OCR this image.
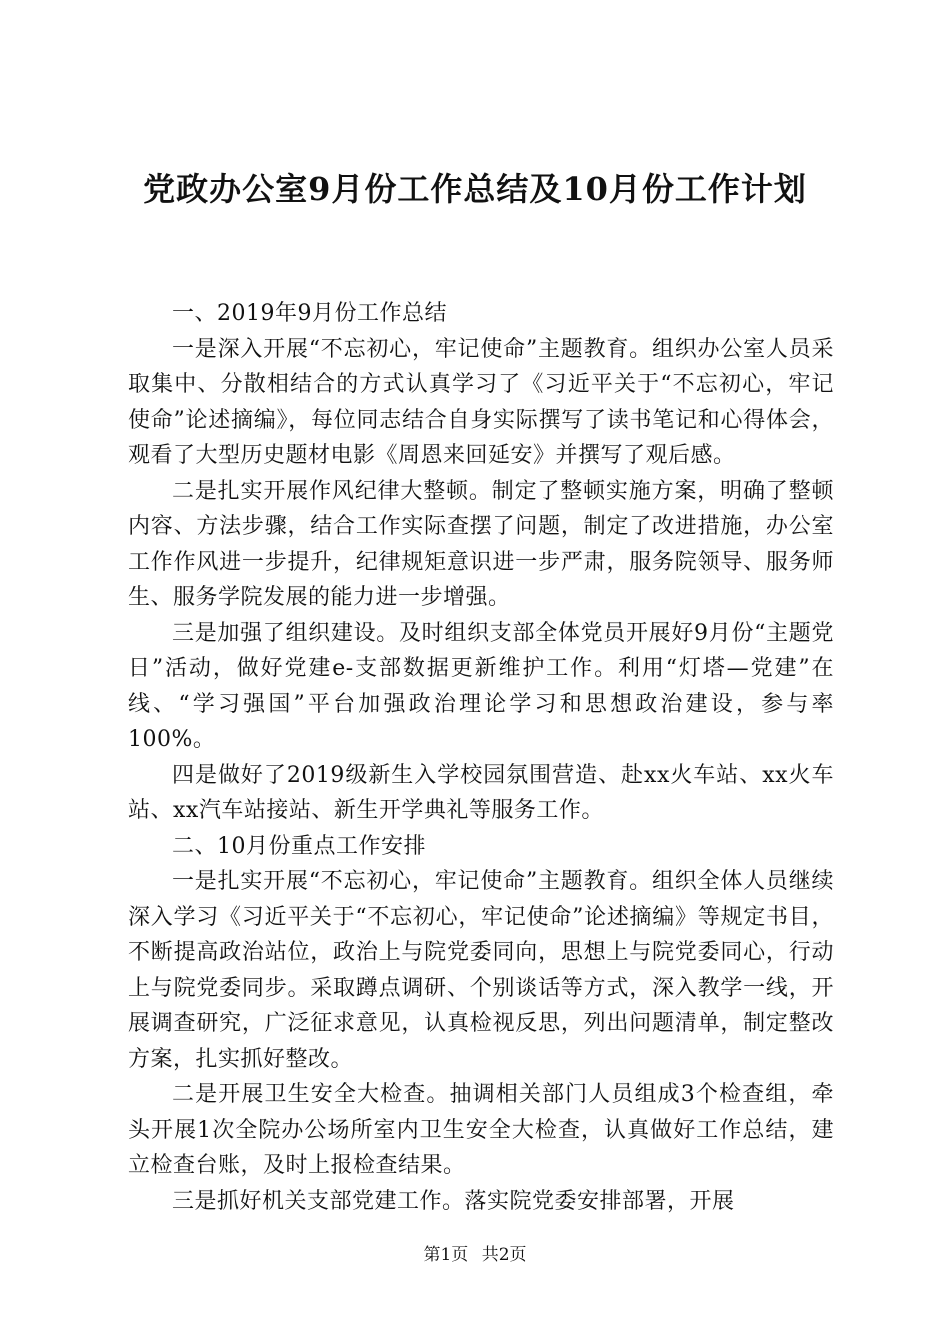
党政办公室9月份工作总结及10月份工作计划

一、2019年9月份工作总结

一是深入开展“不忘初心，牢记使命”主题教育。组织办公室人员采取集中、分散相结合的方式认真学习了《习近平关于“不忘初心，牢记使命”论述摘编》，每位同志结合自身实际撰写了读书笔记和心得体会，观看了大型历史题材电影《周恩来回延安》并撰写了观后感。

二是扎实开展作风纪律大整顿。制定了整顿实施方案，明确了整顿内容、方法步骤，结合工作实际查摆了问题，制定了改进措施，办公室工作作风进一步提升，纪律规矩意识进一步严肃，服务院领导、服务师生、服务学院发展的能力进一步增强。

三是加强了组织建设。及时组织支部全体党员开展好9月份“主题党日”活动，做好党建e-支部数据更新维护工作。利用“灯塔—党建”在线、“学习强国”平台加强政治理论学习和思想政治建设，参与率100%。

四是做好了2019级新生入学校园氛围营造、赴xx火车站、xx火车站、xx汽车站接站、新生开学典礼等服务工作。

二、10月份重点工作安排

一是扎实开展“不忘初心，牢记使命”主题教育。组织全体人员继续深入学习《习近平关于“不忘初心，牢记使命”论述摘编》等规定书目，不断提高政治站位，政治上与院党委同向，思想上与院党委同心，行动上与院党委同步。采取蹲点调研、个别谈话等方式，深入教学一线，开展调查研究，广泛征求意见，认真检视反思，列出问题清单，制定整改方案，扎实抓好整改。

二是开展卫生安全大检查。抽调相关部门人员组成3个检查组，牵头开展1次全院办公场所室内卫生安全大检查，认真做好工作总结，建立检查台账，及时上报检查结果。

三是抓好机关支部党建工作。落实院党委安排部署，开展

第1页 共2页
